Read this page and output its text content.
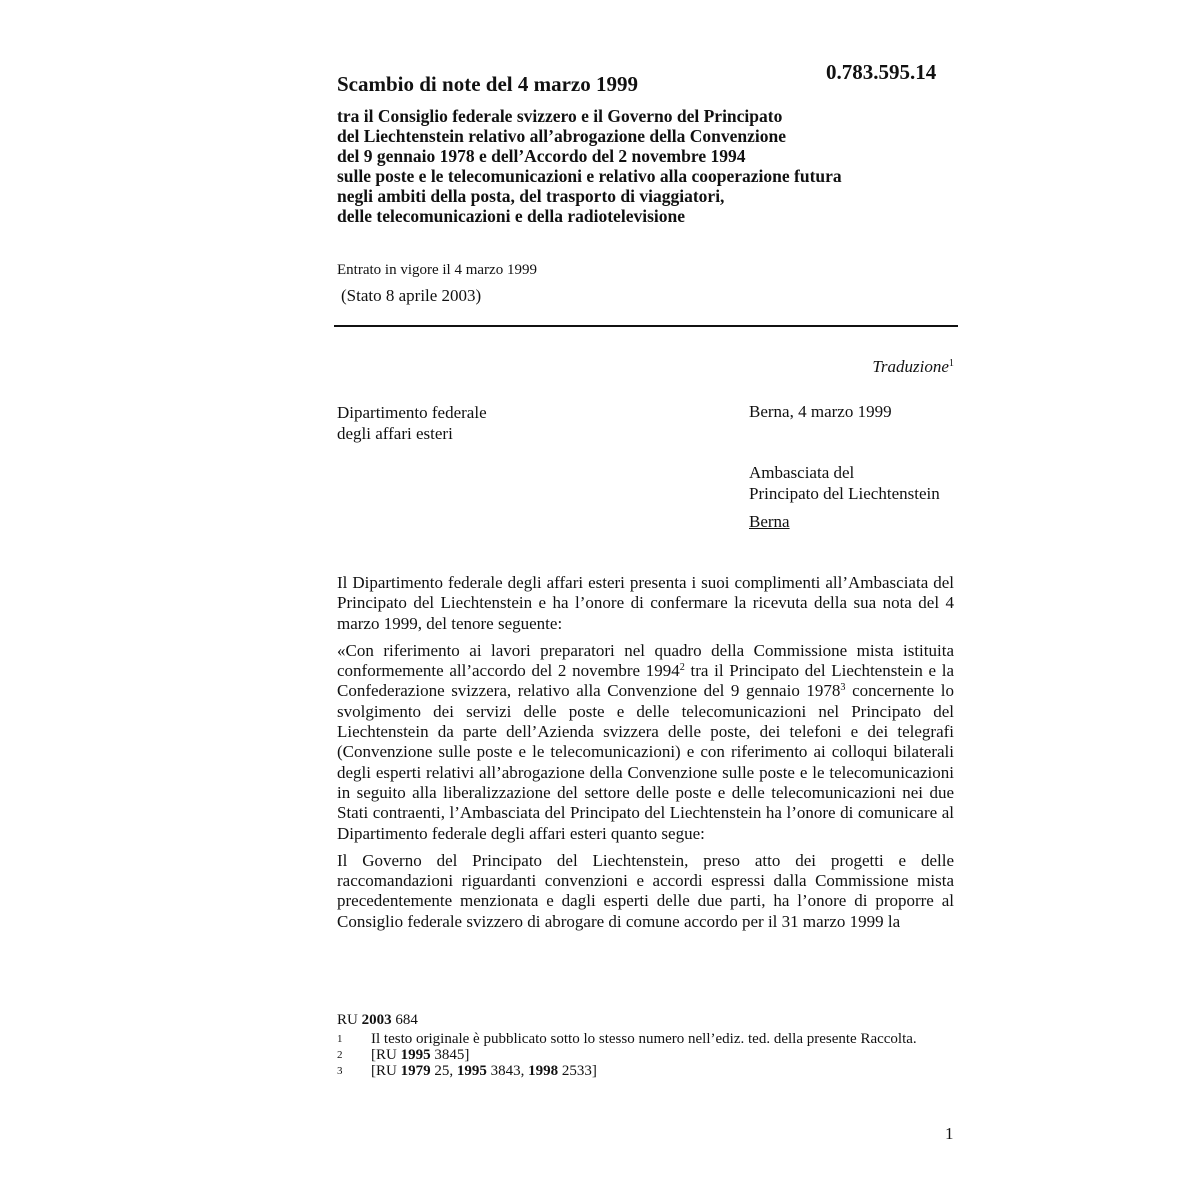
0.783.595.14
Scambio di note del 4 marzo 1999
tra il Consiglio federale svizzero e il Governo del Principato
del Liechtenstein relativo all’abrogazione della Convenzione
del 9 gennaio 1978 e dell’Accordo del 2 novembre 1994
sulle poste e le telecomunicazioni e relativo alla cooperazione futura
negli ambiti della posta, del trasporto di viaggiatori,
delle telecomunicazioni e della radiotelevisione
Entrato in vigore il 4 marzo 1999
(Stato 8 aprile 2003)
Traduzione$^1$
Dipartimento federale
degli affari esteri
Berna, 4 marzo 1999
Ambasciata del
Principato del Liechtenstein
Berna

Il Dipartimento federale degli affari esteri presenta i suoi complimenti all’Ambasciata del Principato del Liechtenstein e ha l’onore di confermare la ricevuta della sua nota del 4 marzo 1999, del tenore seguente:

«Con riferimento ai lavori preparatori nel quadro della Commissione mista istituita conformemente all’accordo del 2 novembre 1994$^2$ tra il Principato del Liechtenstein e la Confederazione svizzera, relativo alla Convenzione del 9 gennaio 1978$^3$ concernente lo svolgimento dei servizi delle poste e delle telecomunicazioni nel Principato del Liechtenstein da parte dell’Azienda svizzera delle poste, dei telefoni e dei telegrafi (Convenzione sulle poste e le telecomunicazioni) e con riferimento ai colloqui bilaterali degli esperti relativi all’abrogazione della Convenzione sulle poste e le telecomunicazioni in seguito alla liberalizzazione del settore delle poste e delle telecomunicazioni nei due Stati contraenti, l’Ambasciata del Principato del Liechtenstein ha l’onore di comunicare al Dipartimento federale degli affari esteri quanto segue:

Il Governo del Principato del Liechtenstein, preso atto dei progetti e delle raccomandazioni riguardanti convenzioni e accordi espressi dalla Commissione mista precedentemente menzionata e dagli esperti delle due parti, ha l’onore di proporre al Consiglio federale svizzero di abrogare di comune accordo per il 31 marzo 1999 la

RU 2003 684
1	Il testo originale è pubblicato sotto lo stesso numero nell’ediz. ted. della presente Raccolta.
2	[RU 1995 3845]
3	[RU 1979 25, 1995 3843, 1998 2533]
1
